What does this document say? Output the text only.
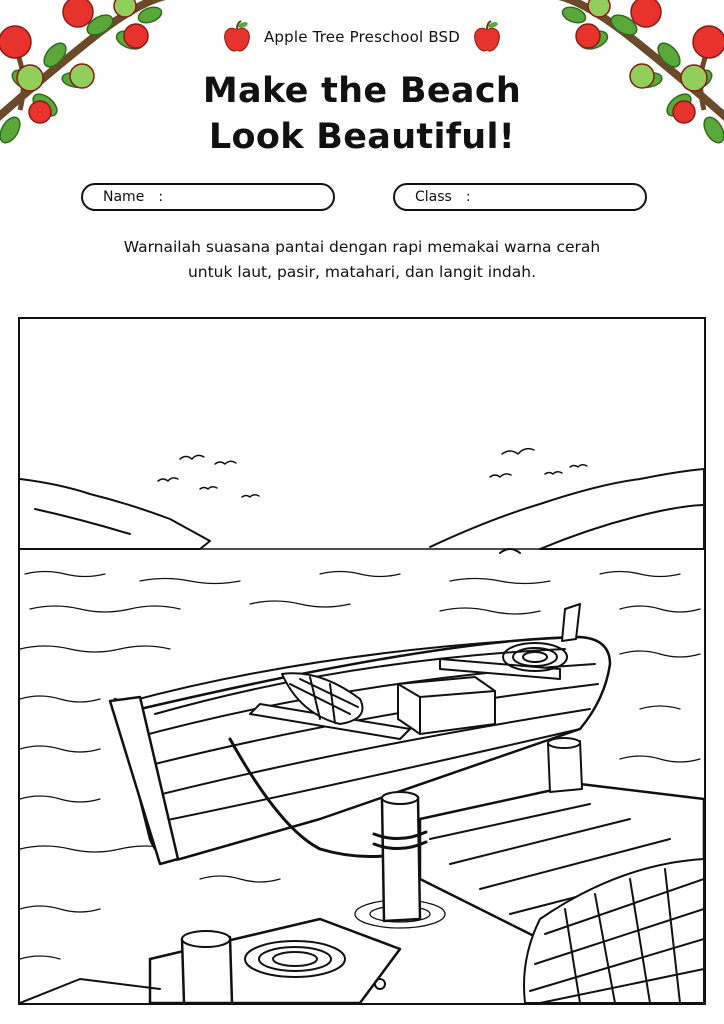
Apple Tree Preschool BSD
Make the Beach
Look Beautiful!
Name :	Class :
Warnailah suasana pantai dengan rapi memakai warna cerah untuk laut, pasir, matahari, dan langit indah.
